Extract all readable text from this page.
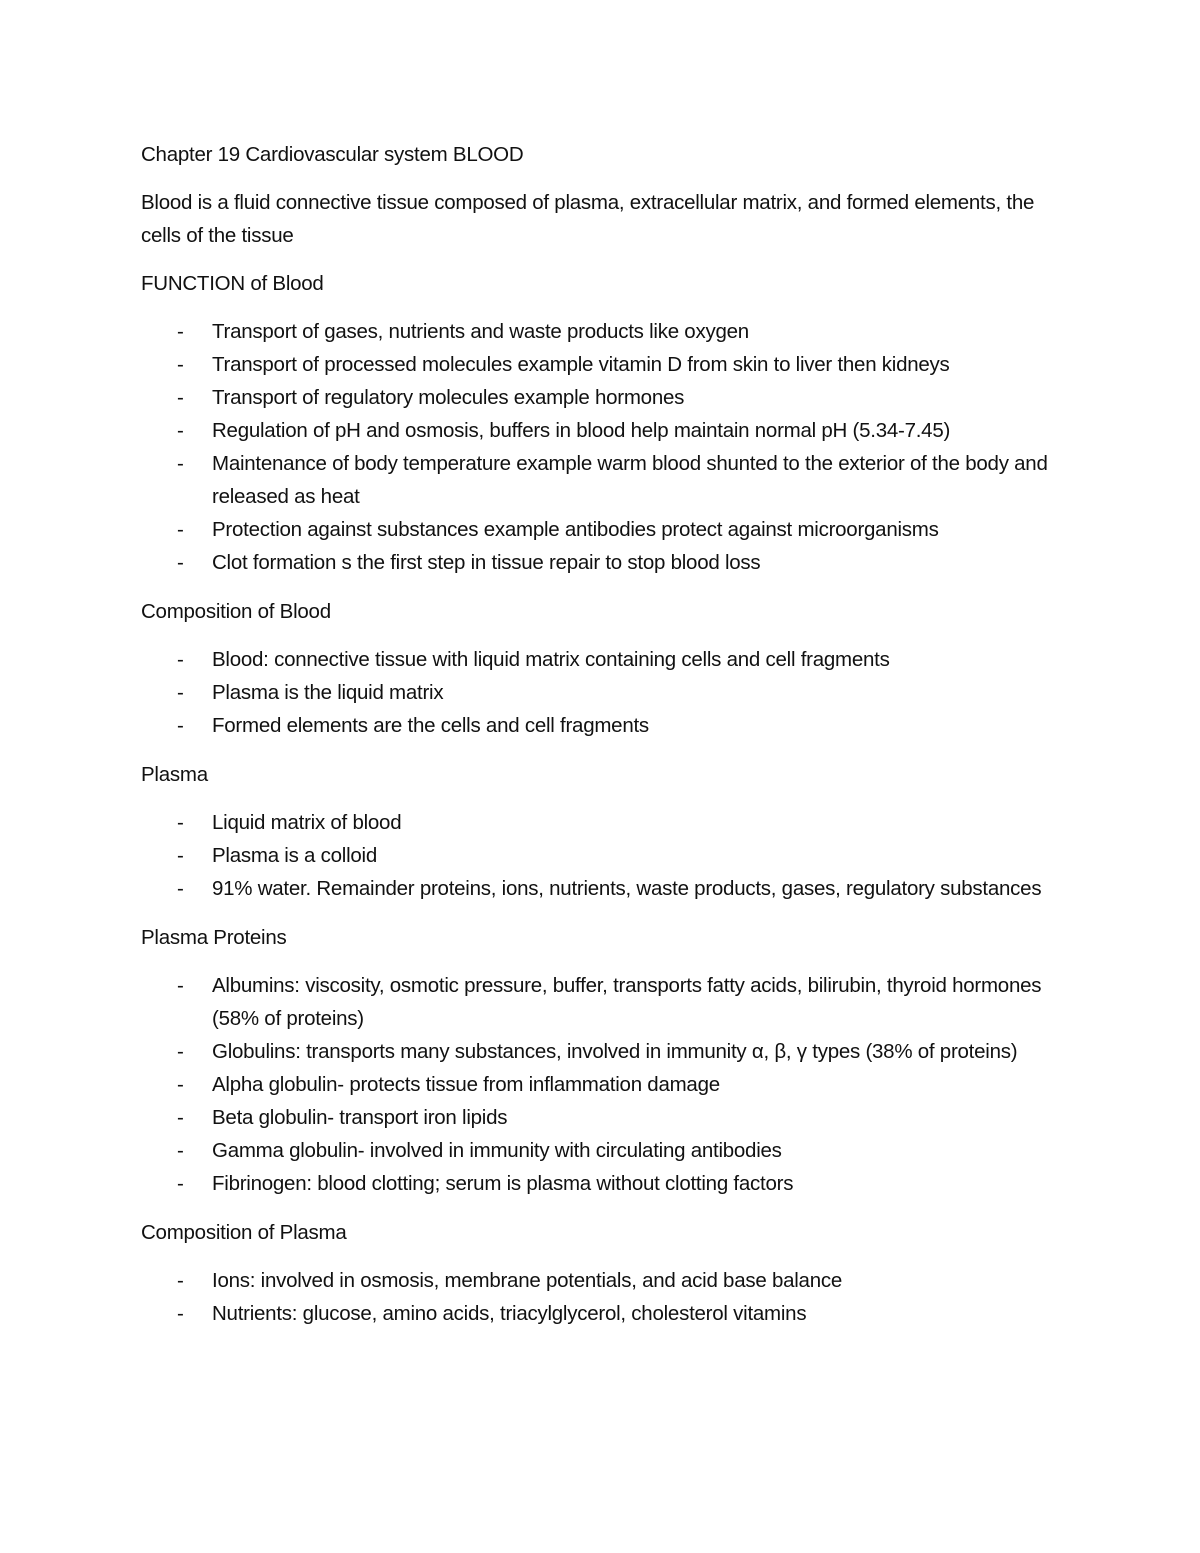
Chapter 19 Cardiovascular system BLOOD

Blood is a fluid connective tissue composed of plasma, extracellular matrix, and formed elements, the cells of the tissue

FUNCTION of Blood

- Transport of gases, nutrients and waste products like oxygen
- Transport of processed molecules example vitamin D from skin to liver then kidneys
- Transport of regulatory molecules example hormones
- Regulation of pH and osmosis, buffers in blood help maintain normal pH (5.34-7.45)
- Maintenance of body temperature example warm blood shunted to the exterior of the body and released as heat
- Protection against substances example antibodies protect against microorganisms
- Clot formation s the first step in tissue repair to stop blood loss

Composition of Blood

- Blood: connective tissue with liquid matrix containing cells and cell fragments
- Plasma is the liquid matrix
- Formed elements are the cells and cell fragments

Plasma

- Liquid matrix of blood
- Plasma is a colloid
- 91% water. Remainder proteins, ions, nutrients, waste products, gases, regulatory substances

Plasma Proteins

- Albumins: viscosity, osmotic pressure, buffer, transports fatty acids, bilirubin, thyroid hormones (58% of proteins)
- Globulins: transports many substances, involved in immunity α, β, γ types (38% of proteins)
- Alpha globulin- protects tissue from inflammation damage
- Beta globulin- transport iron lipids
- Gamma globulin- involved in immunity with circulating antibodies
- Fibrinogen: blood clotting; serum is plasma without clotting factors

Composition of Plasma

- Ions: involved in osmosis, membrane potentials, and acid base balance
- Nutrients: glucose, amino acids, triacylglycerol, cholesterol vitamins
